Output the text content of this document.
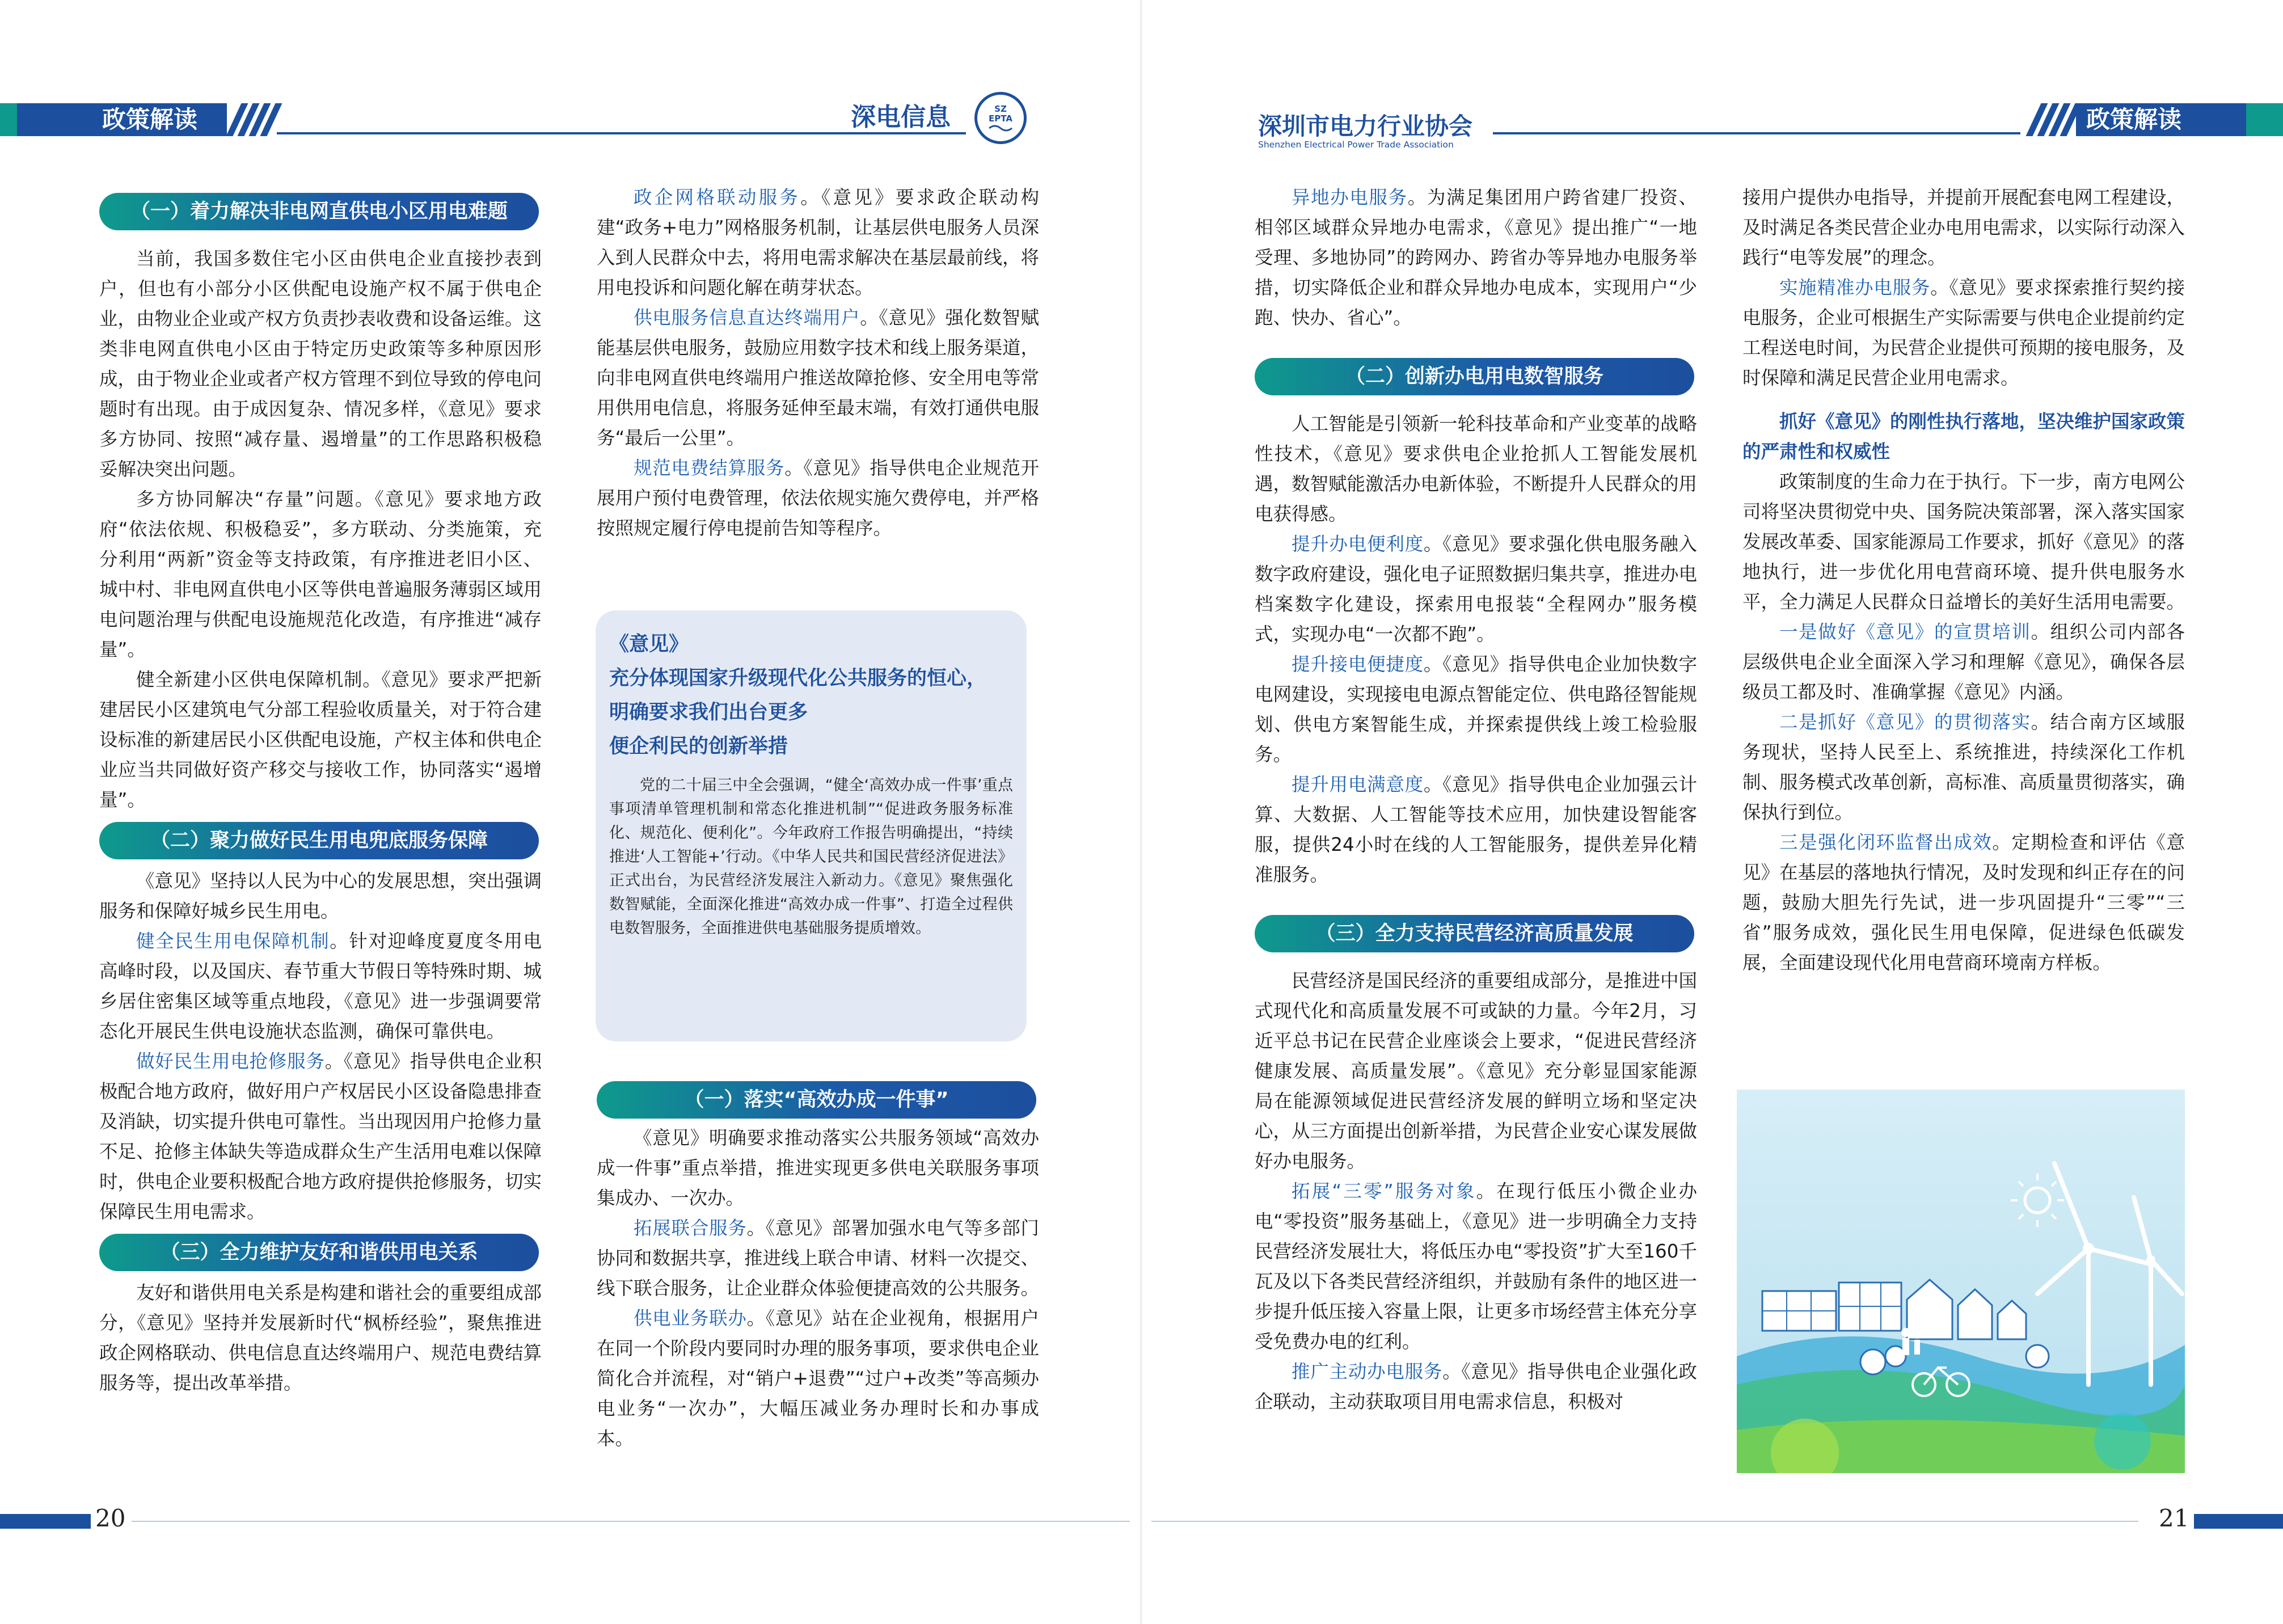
政策解读	深电信息	SZ
EPTA	深圳市电力行业协会
Shenzhen Electrical Power Trade Association
政策解读
（一）着力解决非电网直供电小区用电难题

当前，我国多数住宅小区由供电企业直接抄表到户，但也有小部分小区供配电设施产权不属于供电企业，由物业企业或产权方负责抄表收费和设备运维。这类非电网直供电小区由于特定历史政策等多种原因形成，由于物业企业或者产权方管理不到位导致的停电问题时有出现。由于成因复杂、情况多样，《意见》要求多方协同、按照“减存量、遏增量”的工作思路积极稳妥解决突出问题。

多方协同解决“存量”问题。《意见》要求地方政府“依法依规、积极稳妥”，多方联动、分类施策，充分利用“两新”资金等支持政策，有序推进老旧小区、城中村、非电网直供电小区等供电普遍服务薄弱区域用电问题治理与供配电设施规范化改造，有序推进“减存量”。

健全新建小区供电保障机制。《意见》要求严把新建居民小区建筑电气分部工程验收质量关，对于符合建设标准的新建居民小区供配电设施，产权主体和供电企业应当共同做好资产移交与接收工作，协同落实“遏增量”。

（二）聚力做好民生用电兜底服务保障

《意见》坚持以人民为中心的发展思想，突出强调服务和保障好城乡民生用电。

健全民生用电保障机制。针对迎峰度夏度冬用电高峰时段，以及国庆、春节重大节假日等特殊时期、城乡居住密集区域等重点地段，《意见》进一步强调要常态化开展民生供电设施状态监测，确保可靠供电。

做好民生用电抢修服务。《意见》指导供电企业积极配合地方政府，做好用户产权居民小区设备隐患排查及消缺，切实提升供电可靠性。当出现因用户抢修力量不足、抢修主体缺失等造成群众生产生活用电难以保障时，供电企业要积极配合地方政府提供抢修服务，切实保障民生用电需求。

（三）全力维护友好和谐供用电关系

友好和谐供用电关系是构建和谐社会的重要组成部分，《意见》坚持并发展新时代“枫桥经验”，聚焦推进政企网格联动、供电信息直达终端用户、规范电费结算服务等，提出改革举措。

政企网格联动服务。《意见》要求政企联动构建“政务+电力”网格服务机制，让基层供电服务人员深入到人民群众中去，将用电需求解决在基层最前线，将用电投诉和问题化解在萌芽状态。

供电服务信息直达终端用户。《意见》强化数智赋能基层供电服务，鼓励应用数字技术和线上服务渠道，向非电网直供电终端用户推送故障抢修、安全用电等常用供用电信息，将服务延伸至最末端，有效打通供电服务“最后一公里”。

规范电费结算服务。《意见》指导供电企业规范开展用户预付电费管理，依法依规实施欠费停电，并严格按照规定履行停电提前告知等程序。

《意见》
充分体现国家升级现代化公共服务的恒心，
明确要求我们出台更多
便企利民的创新举措
党的二十届三中全会强调，“健全‘高效办成一件事’重点事项清单管理机制和常态化推进机制”“促进政务服务标准化、规范化、便利化”。今年政府工作报告明确提出，“持续推进‘人工智能+’行动。《中华人民共和国民营经济促进法》正式出台，为民营经济发展注入新动力。《意见》聚焦强化数智赋能，全面深化推进“高效办成一件事”、打造全过程供电数智服务，全面推进供电基础服务提质增效。
（一）落实“高效办成一件事”

《意见》明确要求推动落实公共服务领域“高效办成一件事”重点举措，推进实现更多供电关联服务事项集成办、一次办。

拓展联合服务。《意见》部署加强水电气等多部门协同和数据共享，推进线上联合申请、材料一次提交、线下联合服务，让企业群众体验便捷高效的公共服务。

供电业务联办。《意见》站在企业视角，根据用户在同一个阶段内要同时办理的服务事项，要求供电企业简化合并流程，对“销户+退费”“过户+改类”等高频办电业务“一次办”，大幅压减业务办理时长和办事成本。

异地办电服务。为满足集团用户跨省建厂投资、相邻区域群众异地办电需求，《意见》提出推广“一地受理、多地协同”的跨网办、跨省办等异地办电服务举措，切实降低企业和群众异地办电成本，实现用户“少跑、快办、省心”。

（二）创新办电用电数智服务

人工智能是引领新一轮科技革命和产业变革的战略性技术，《意见》要求供电企业抢抓人工智能发展机遇，数智赋能激活办电新体验，不断提升人民群众的用电获得感。

提升办电便利度。《意见》要求强化供电服务融入数字政府建设，强化电子证照数据归集共享，推进办电档案数字化建设，探索用电报装“全程网办”服务模式，实现办电“一次都不跑”。

提升接电便捷度。《意见》指导供电企业加快数字电网建设，实现接电电源点智能定位、供电路径智能规划、供电方案智能生成，并探索提供线上竣工检验服务。

提升用电满意度。《意见》指导供电企业加强云计算、大数据、人工智能等技术应用，加快建设智能客服，提供24小时在线的人工智能服务，提供差异化精准服务。

（三）全力支持民营经济高质量发展

民营经济是国民经济的重要组成部分，是推进中国式现代化和高质量发展不可或缺的力量。今年2月，习近平总书记在民营企业座谈会上要求，“促进民营经济健康发展、高质量发展”。《意见》充分彰显国家能源局在能源领域促进民营经济发展的鲜明立场和坚定决心，从三方面提出创新举措，为民营企业安心谋发展做好办电服务。

拓展“三零”服务对象。在现行低压小微企业办电“零投资”服务基础上，《意见》进一步明确全力支持民营经济发展壮大，将低压办电“零投资”扩大至160千瓦及以下各类民营经济组织，并鼓励有条件的地区进一步提升低压接入容量上限，让更多市场经营主体充分享受免费办电的红利。

推广主动办电服务。《意见》指导供电企业强化政企联动，主动获取项目用电需求信息，积极对

接用户提供办电指导，并提前开展配套电网工程建设，及时满足各类民营企业办电用电需求，以实际行动深入践行“电等发展”的理念。

实施精准办电服务。《意见》要求探索推行契约接电服务，企业可根据生产实际需要与供电企业提前约定工程送电时间，为民营企业提供可预期的接电服务，及时保障和满足民营企业用电需求。

抓好《意见》的刚性执行落地，坚决维护国家政策的严肃性和权威性

政策制度的生命力在于执行。下一步，南方电网公司将坚决贯彻党中央、国务院决策部署，深入落实国家发展改革委、国家能源局工作要求，抓好《意见》的落地执行，进一步优化用电营商环境、提升供电服务水平，全力满足人民群众日益增长的美好生活用电需要。

一是做好《意见》的宣贯培训。组织公司内部各层级供电企业全面深入学习和理解《意见》，确保各层级员工都及时、准确掌握《意见》内涵。

二是抓好《意见》的贯彻落实。结合南方区域服务现状，坚持人民至上、系统推进，持续深化工作机制、服务模式改革创新，高标准、高质量贯彻落实，确保执行到位。

三是强化闭环监督出成效。定期检查和评估《意见》在基层的落地执行情况，及时发现和纠正存在的问题，鼓励大胆先行先试，进一步巩固提升“三零”“三省”服务成效，强化民生用电保障，促进绿色低碳发展，全面建设现代化用电营商环境南方样板。

20	21
